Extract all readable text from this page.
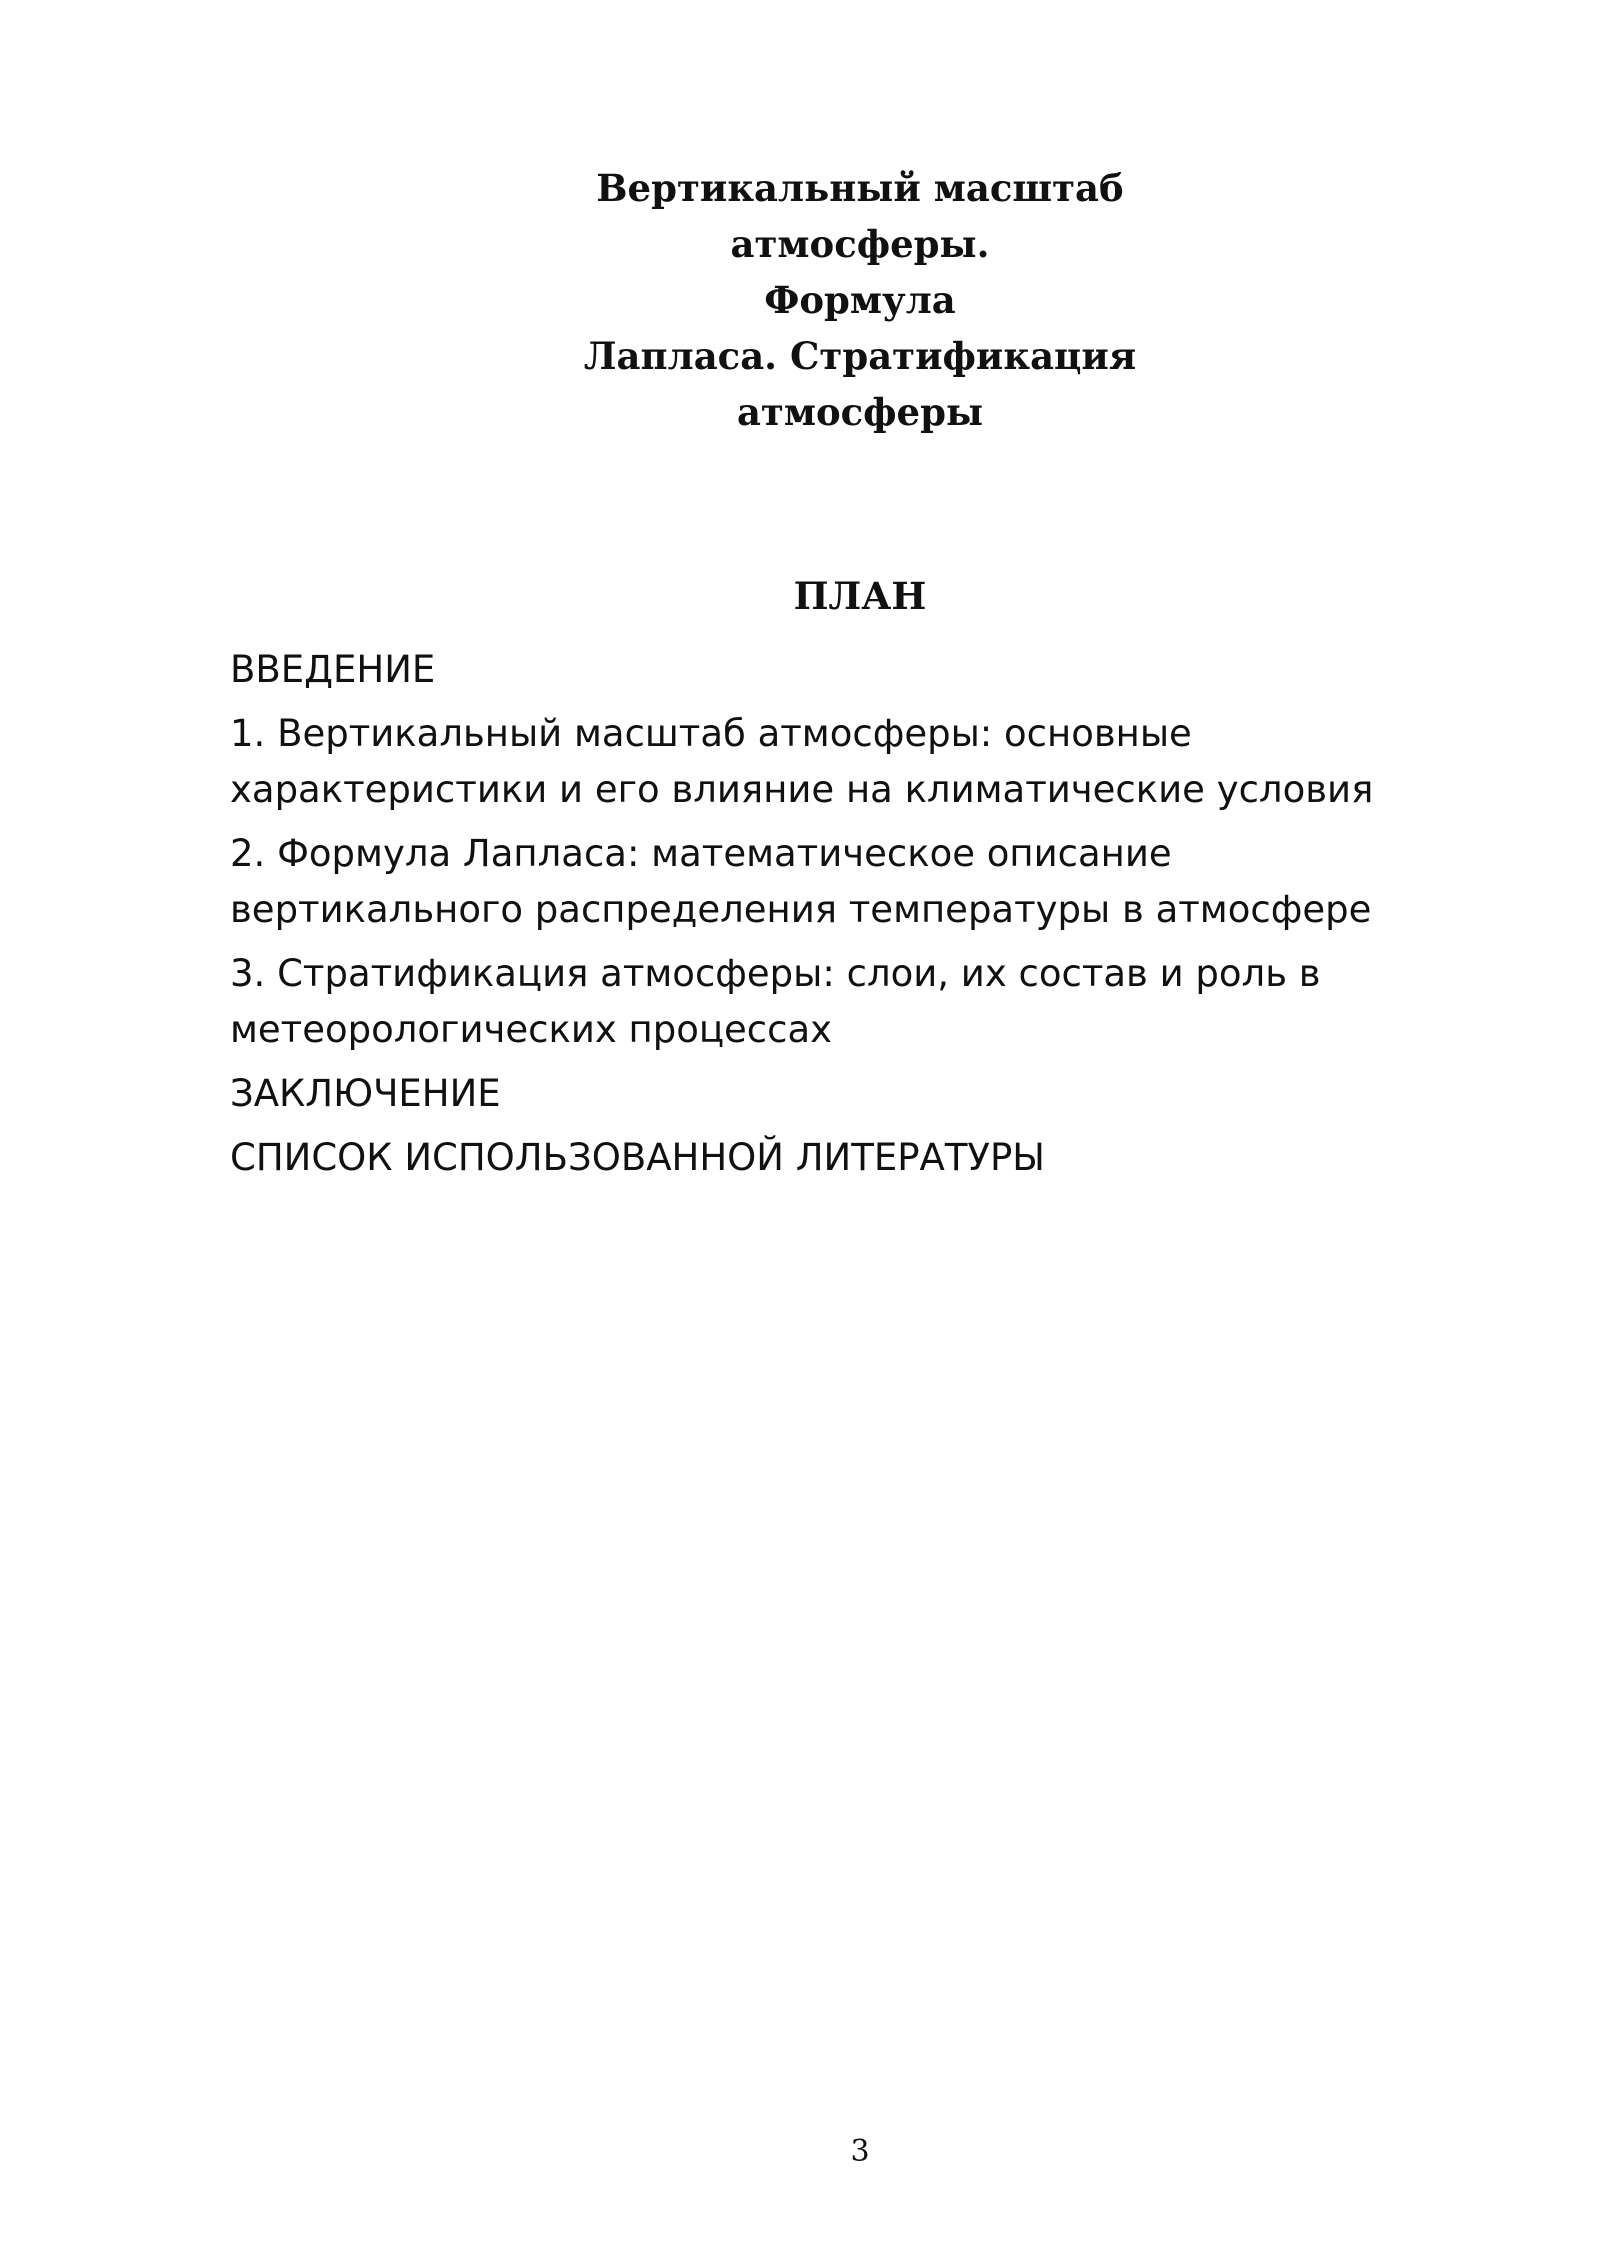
Вертикальный масштаб
атмосферы.
Формула
Лапласа. Стратификация
атмосферы
ПЛАН
ВВЕДЕНИЕ
1. Вертикальный масштаб атмосферы: основные
характеристики и его влияние на климатические условия
2. Формула Лапласа: математическое описание
вертикального распределения температуры в атмосфере
3. Стратификация атмосферы: слои, их состав и роль в
метеорологических процессах
ЗАКЛЮЧЕНИЕ
СПИСОК ИСПОЛЬЗОВАННОЙ ЛИТЕРАТУРЫ
3
